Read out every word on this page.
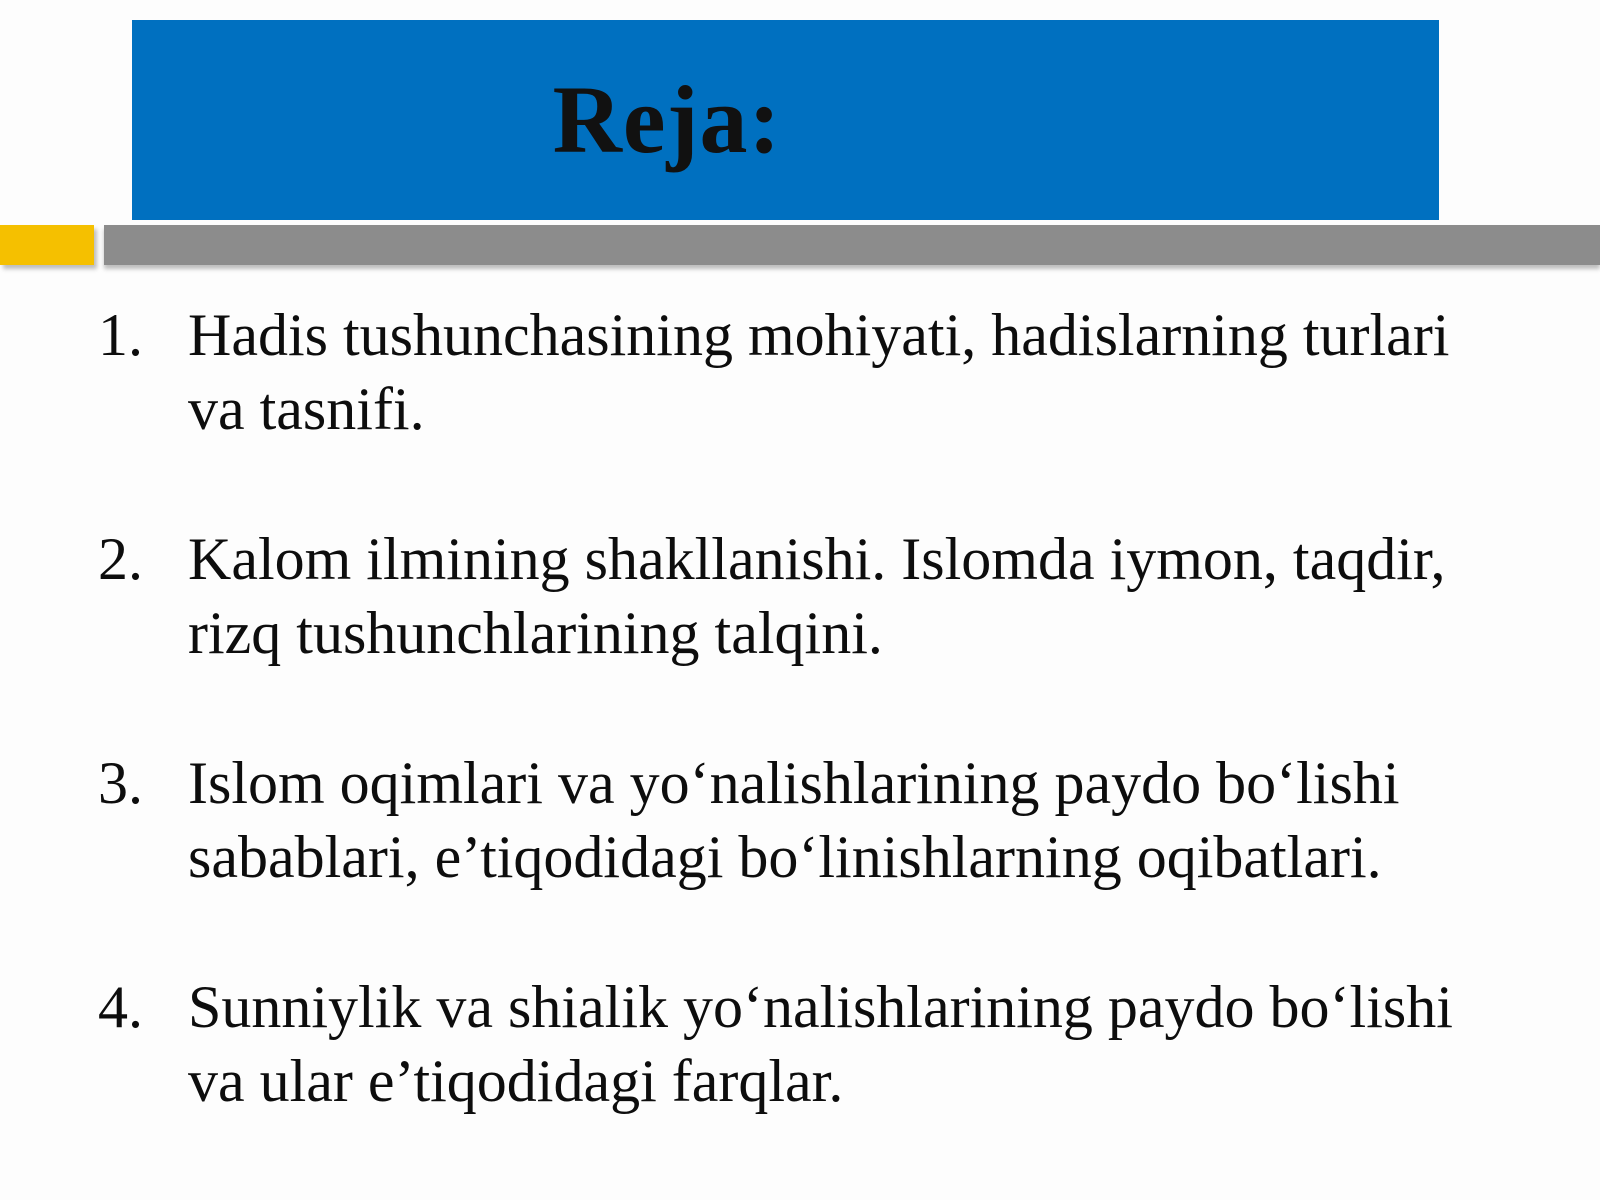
Reja:
1. Hadis tushunchasining mohiyati, hadislarning turlari va tasnifi.
2. Kalom ilmining shakllanishi. Islomda iymon, taqdir, rizq tushunchlarining talqini.
3. Islom oqimlari va yo‘nalishlarining paydo bo‘lishi sabablari, e’tiqodidagi bo‘linishlarning oqibatlari.
4. Sunniylik va shialik yo‘nalishlarining paydo bo‘lishi va ular e’tiqodidagi farqlar.
